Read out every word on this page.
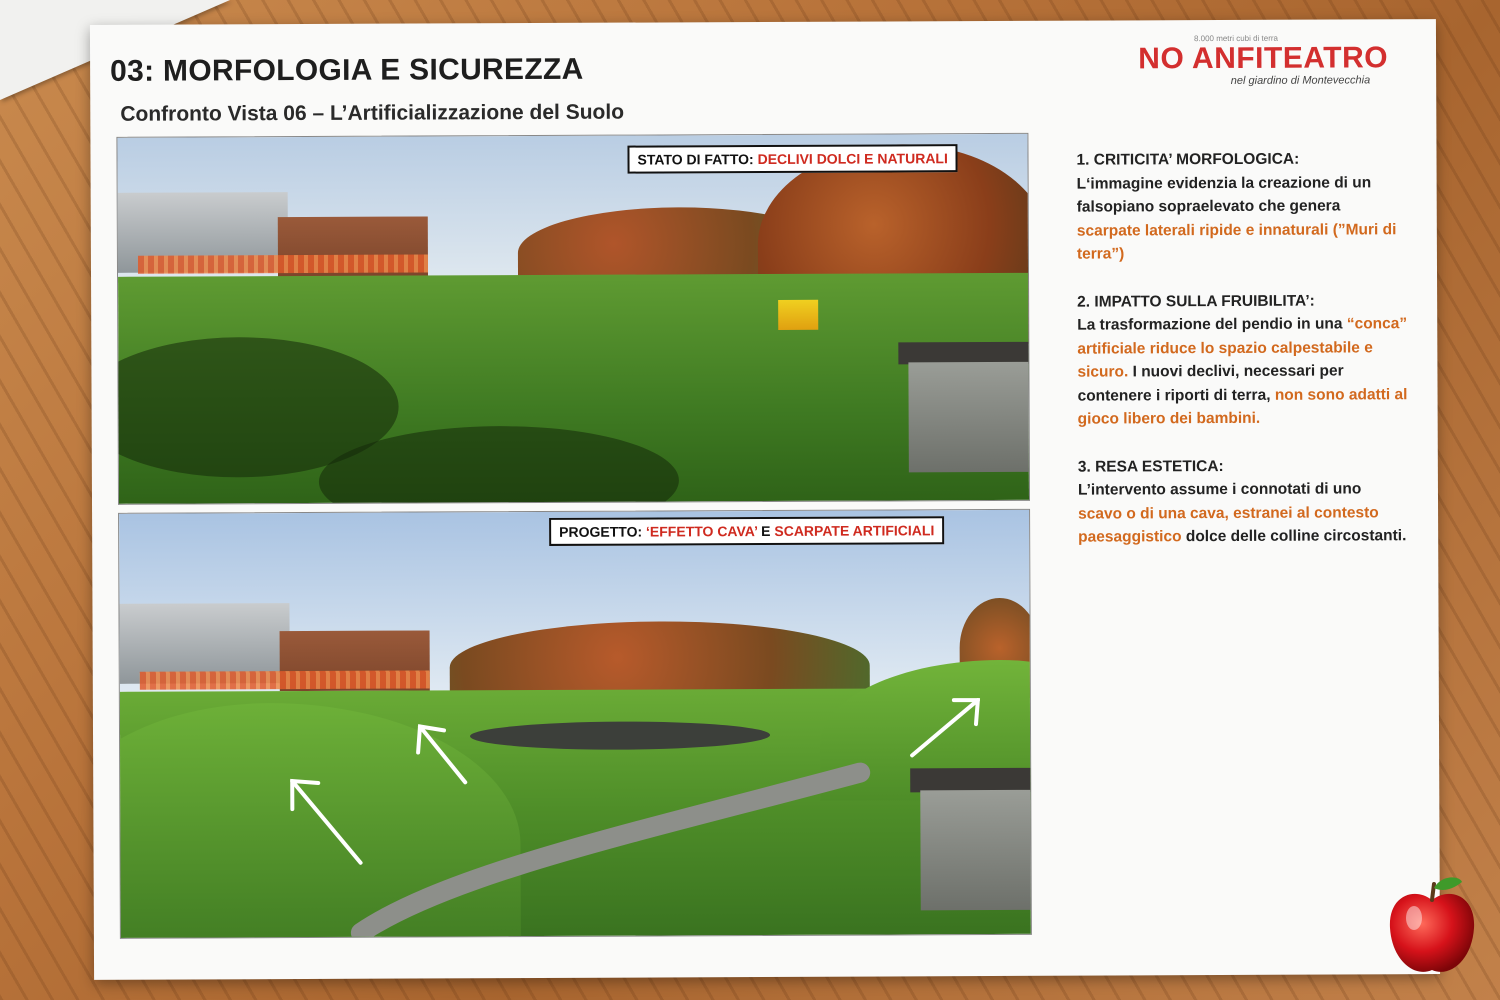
03: MORFOLOGIA E SICUREZZA
Confronto Vista 06 – L’Artificializzazione del Suolo
8.000 metri cubi di terra
NO ANFITEATRO
nel giardino di Montevecchia
STATO DI FATTO: DECLIVI DOLCI E NATURALI
PROGETTO: ‘EFFETTO CAVA’ E SCARPATE ARTIFICIALI
1. CRITICITA’ MORFOLOGICA:
L‘immagine evidenzia la creazione di un falsopiano sopraelevato che genera scarpate laterali ripide e innaturali (”Muri di terra”)
2. IMPATTO SULLA FRUIBILITA’:
La trasformazione del pendio in una “conca” artificiale riduce lo spazio calpestabile e sicuro. I nuovi declivi, necessari per contenere i riporti di terra, non sono adatti al gioco libero dei bambini.
3. RESA ESTETICA:
L’intervento assume i connotati di uno scavo o di una cava, estranei al contesto paesaggistico dolce delle colline circostanti.
